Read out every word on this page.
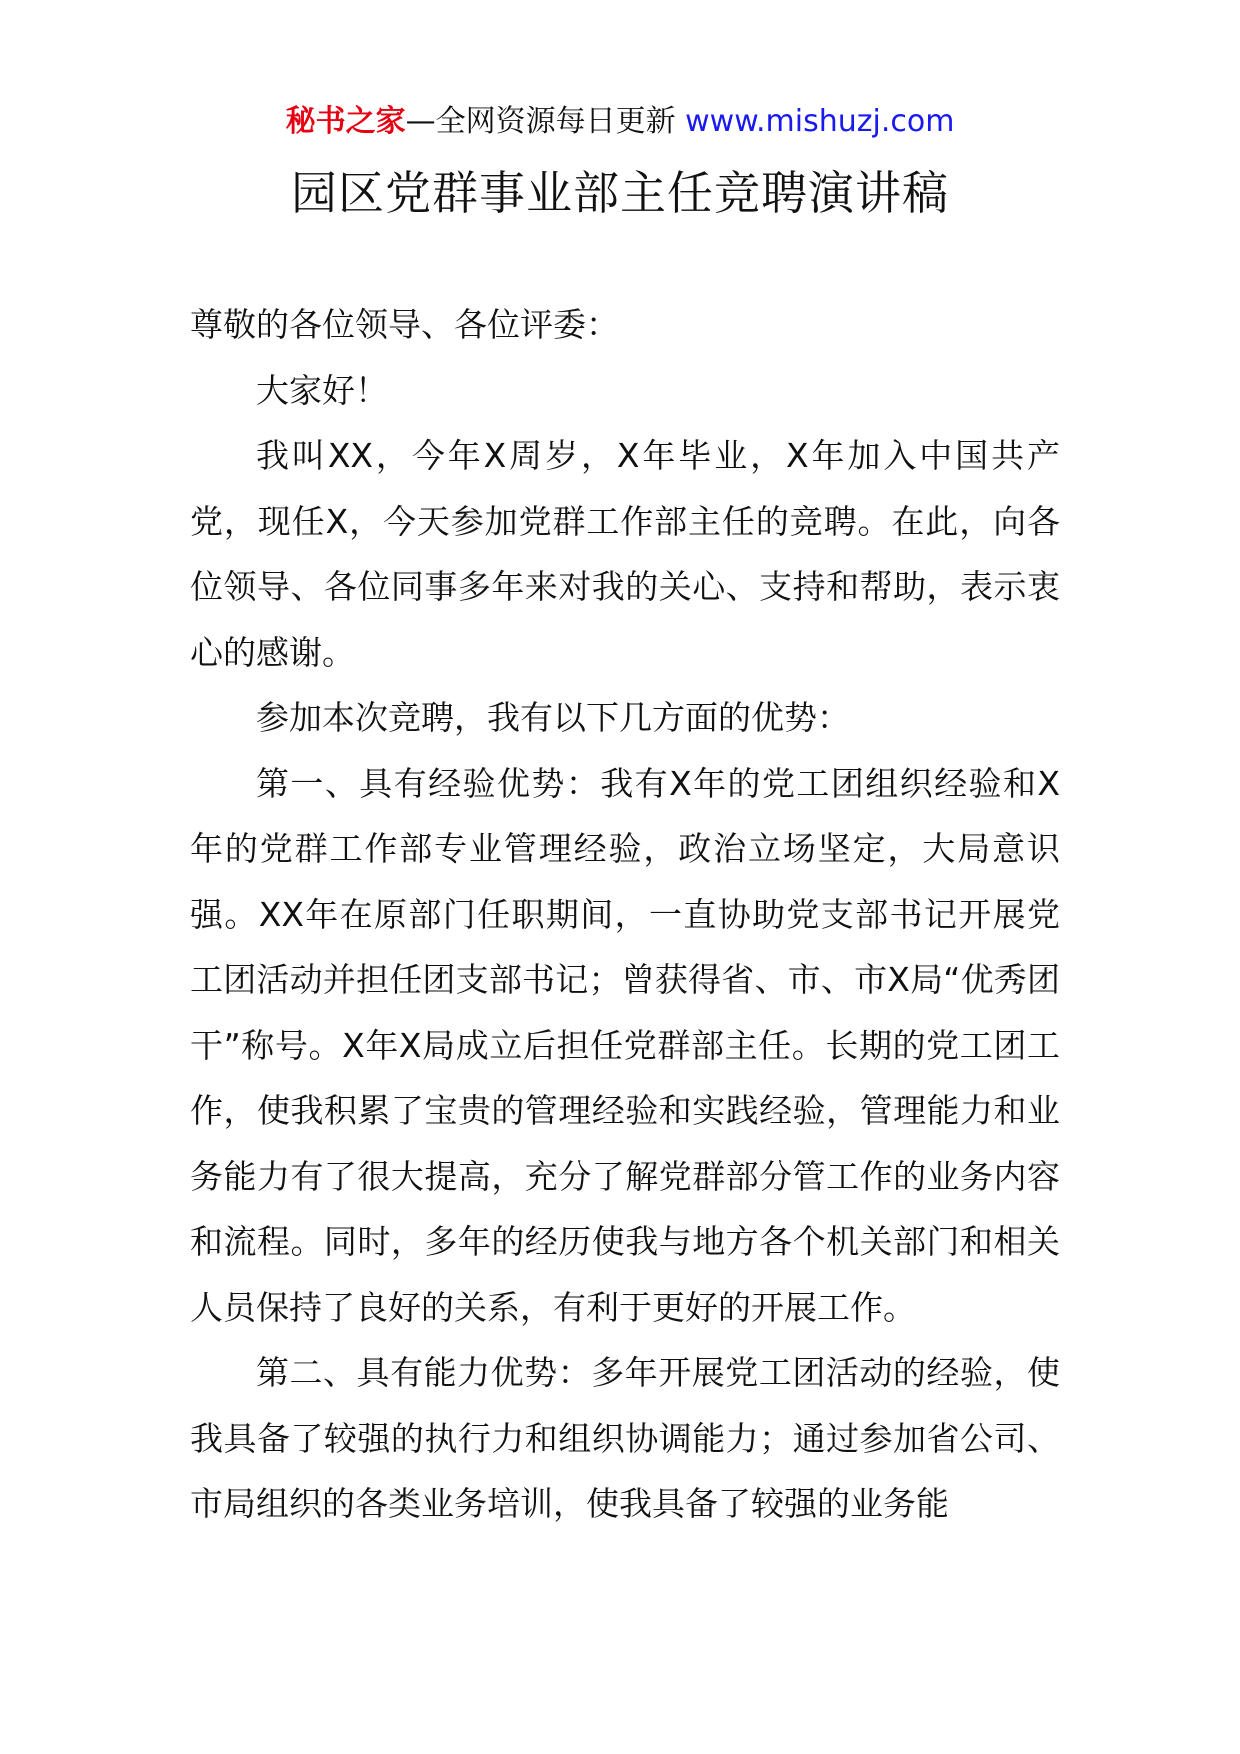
秘书之家—全网资源每日更新 www.mishuzj.com
园区党群事业部主任竞聘演讲稿

尊敬的各位领导、各位评委：

大家好！

我叫XX，今年X周岁，X年毕业，X年加入中国共产党，现任X，今天参加党群工作部主任的竞聘。在此，向各位领导、各位同事多年来对我的关心、支持和帮助，表示衷心的感谢。

参加本次竞聘，我有以下几方面的优势：

第一、具有经验优势：我有X年的党工团组织经验和X年的党群工作部专业管理经验，政治立场坚定，大局意识强。XX年在原部门任职期间，一直协助党支部书记开展党工团活动并担任团支部书记；曾获得省、市、市X局“优秀团干”称号。X年X局成立后担任党群部主任。长期的党工团工作，使我积累了宝贵的管理经验和实践经验，管理能力和业务能力有了很大提高，充分了解党群部分管工作的业务内容和流程。同时，多年的经历使我与地方各个机关部门和相关人员保持了良好的关系，有利于更好的开展工作。

第二、具有能力优势：多年开展党工团活动的经验，使我具备了较强的执行力和组织协调能力；通过参加省公司、市局组织的各类业务培训，使我具备了较强的业务能
